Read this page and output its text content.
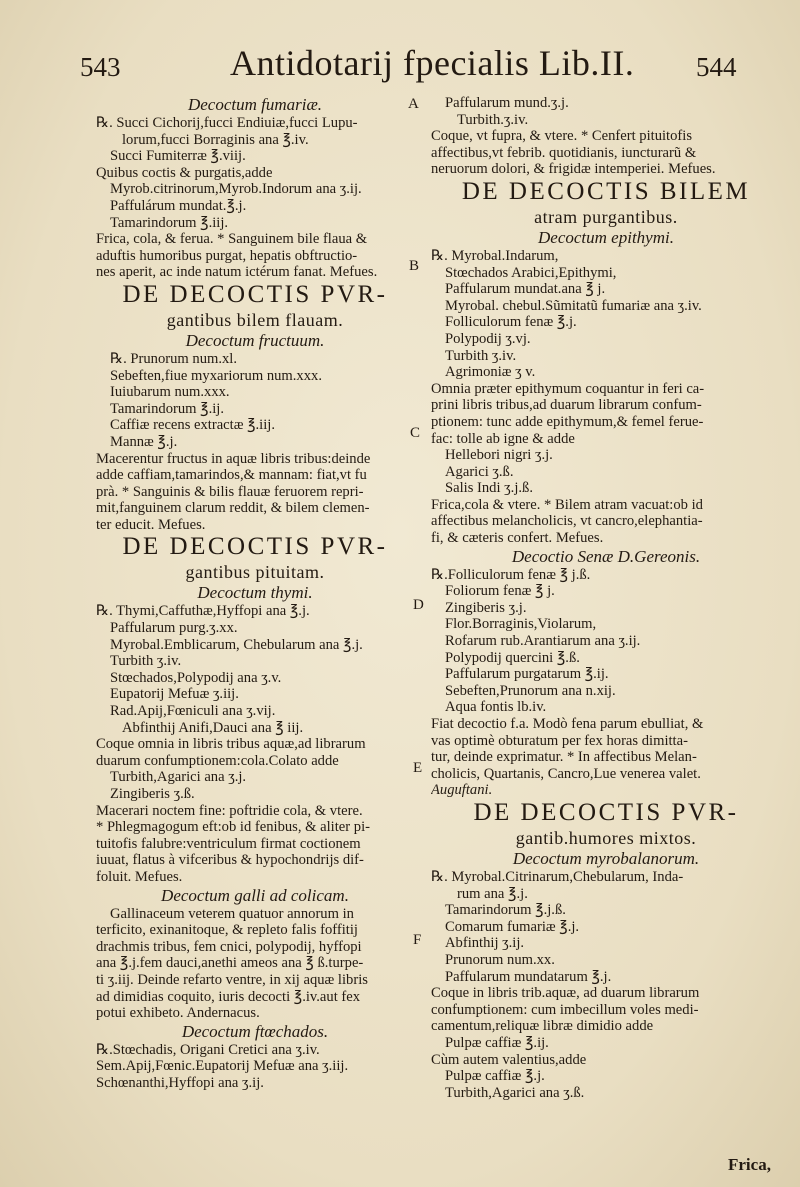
543	Antidotarij fpecialis Lib.II. 544
A
B
C
D
E
F
Decoctum fumariæ.
℞. Succi Cichorij,fucci Endiuiæ,fucci Lupu-
lorum,fucci Borraginis ana ℥.iv.
Succi Fumiterræ ℥.viij.
Quibus coctis & purgatis,adde
Myrob.citrinorum,Myrob.Indorum ana ʒ.ij.
Paffulárum mundat.℥.j.
Tamarindorum ℥.iij.
Frica, cola, & ferua. * Sanguinem bile flaua &
aduftis humoribus purgat, hepatis obftructio-
nes aperit, ac inde natum ictérum fanat. Mefues.
DE DECOCTIS PVR-
gantibus bilem flauam.
Decoctum fructuum.
℞. Prunorum num.xl.
Sebeften,fiue myxariorum num.xxx.
Iuiubarum num.xxx.
Tamarindorum ℥.ij.
Caffiæ recens extractæ ℥.iij.
Mannæ ℥.j.
Macerentur fructus in aquæ libris tribus:deinde
adde caffiam,tamarindos,& mannam: fiat,vt fu
prà. * Sanguinis & bilis flauæ feruorem repri-
mit,fanguinem clarum reddit, & bilem clemen-
ter educit. Mefues.
DE DECOCTIS PVR-
gantibus pituitam.
Decoctum thymi.
℞. Thymi,Caffuthæ,Hyffopi ana ℥.j.
Paffularum purg.ʒ.xx.
Myrobal.Emblicarum, Chebularum ana ℥.j.
Turbith ʒ.iv.
Stœchados,Polypodij ana ʒ.v.
Eupatorij Mefuæ ʒ.iij.
Rad.Apij,Fœniculi ana ʒ.vij.
Abfinthij Anifi,Dauci ana ℥ iij.
Coque omnia in libris tribus aquæ,ad librarum
duarum confumptionem:cola.Colato adde
Turbith,Agarici ana ʒ.j.
Zingiberis ʒ.ß.
Macerari noctem fine: poftridie cola, & vtere.
* Phlegmagogum eft:ob id fenibus, & aliter pi-
tuitofis falubre:ventriculum firmat coctionem
iuuat, flatus à vifceribus & hypochondrijs dif-
foluit. Mefues.
Decoctum galli ad colicam.
Gallinaceum veterem quatuor annorum in
terficito, exinanitoque, & repleto falis foffitij
drachmis tribus, fem cnici, polypodij, hyffopi
ana ℥.j.fem dauci,anethi ameos ana ℥ ß.turpe-
ti ʒ.iij. Deinde refarto ventre, in xij aquæ libris
ad dimidias coquito, iuris decocti ℥.iv.aut fex
potui exhibeto. Andernacus.
Decoctum ftœchados.
℞.Stœchadis, Origani Cretici ana ʒ.iv.
Sem.Apij,Fœnic.Eupatorij Mefuæ ana ʒ.iij.
Schœnanthi,Hyffopi ana ʒ.ij.
Paffularum mund.ʒ.j.
Turbith.ʒ.iv.
Coque, vt fupra, & vtere. * Cenfert pituitofis
affectibus,vt febrib. quotidianis, iuncturarũ &
neruorum dolori, & frigidæ intemperiei. Mefues.
DE DECOCTIS BILEM
atram purgantibus.
Decoctum epithymi.
℞. Myrobal.Indarum,
Stœchados Arabici,Epithymi,
Paffularum mundat.ana ℥ j.
Myrobal. chebul.Sũmitatũ fumariæ ana ʒ.iv.
Folliculorum fenæ ℥.j.
Polypodij ʒ.vj.
Turbith ʒ.iv.
Agrimoniæ ʒ v.
Omnia præter epithymum coquantur in feri ca-
prini libris tribus,ad duarum librarum confum-
ptionem: tunc adde epithymum,& femel ferue-
fac: tolle ab igne & adde
Hellebori nigri ʒ.j.
Agarici ʒ.ß.
Salis Indi ʒ.j.ß.
Frica,cola & vtere. * Bilem atram vacuat:ob id
affectibus melancholicis, vt cancro,elephantia-
fi, & cæteris confert. Mefues.
Decoctio Senæ D.Gereonis.
℞.Folliculorum fenæ ℥ j.ß.
Foliorum fenæ ℥ j.
Zingiberis ʒ.j.
Flor.Borraginis,Violarum,
Rofarum rub.Arantiarum ana ʒ.ij.
Polypodij quercini ℥.ß.
Paffularum purgatarum ℥.ij.
Sebeften,Prunorum ana n.xij.
Aqua fontis lb.iv.
Fiat decoctio f.a. Modò fena parum ebulliat, &
vas optimè obturatum per fex horas dimitta-
tur, deinde exprimatur. * In affectibus Melan-
cholicis, Quartanis, Cancro,Lue venerea valet.
Auguftani.
DE DECOCTIS PVR-
gantib.humores mixtos.
Decoctum myrobalanorum.
℞. Myrobal.Citrinarum,Chebularum, Inda-
rum ana ℥.j.
Tamarindorum ℥.j.ß.
Comarum fumariæ ℥.j.
Abfinthij ʒ.ij.
Prunorum num.xx.
Paffularum mundatarum ℥.j.
Coque in libris trib.aquæ, ad duarum librarum
confumptionem: cum imbecillum voles medi-
camentum,reliquæ libræ dimidio adde
Pulpæ caffiæ ℥.ij.
Cùm autem valentius,adde
Pulpæ caffiæ ℥.j.
Turbith,Agarici ana ʒ.ß.
Frica,
